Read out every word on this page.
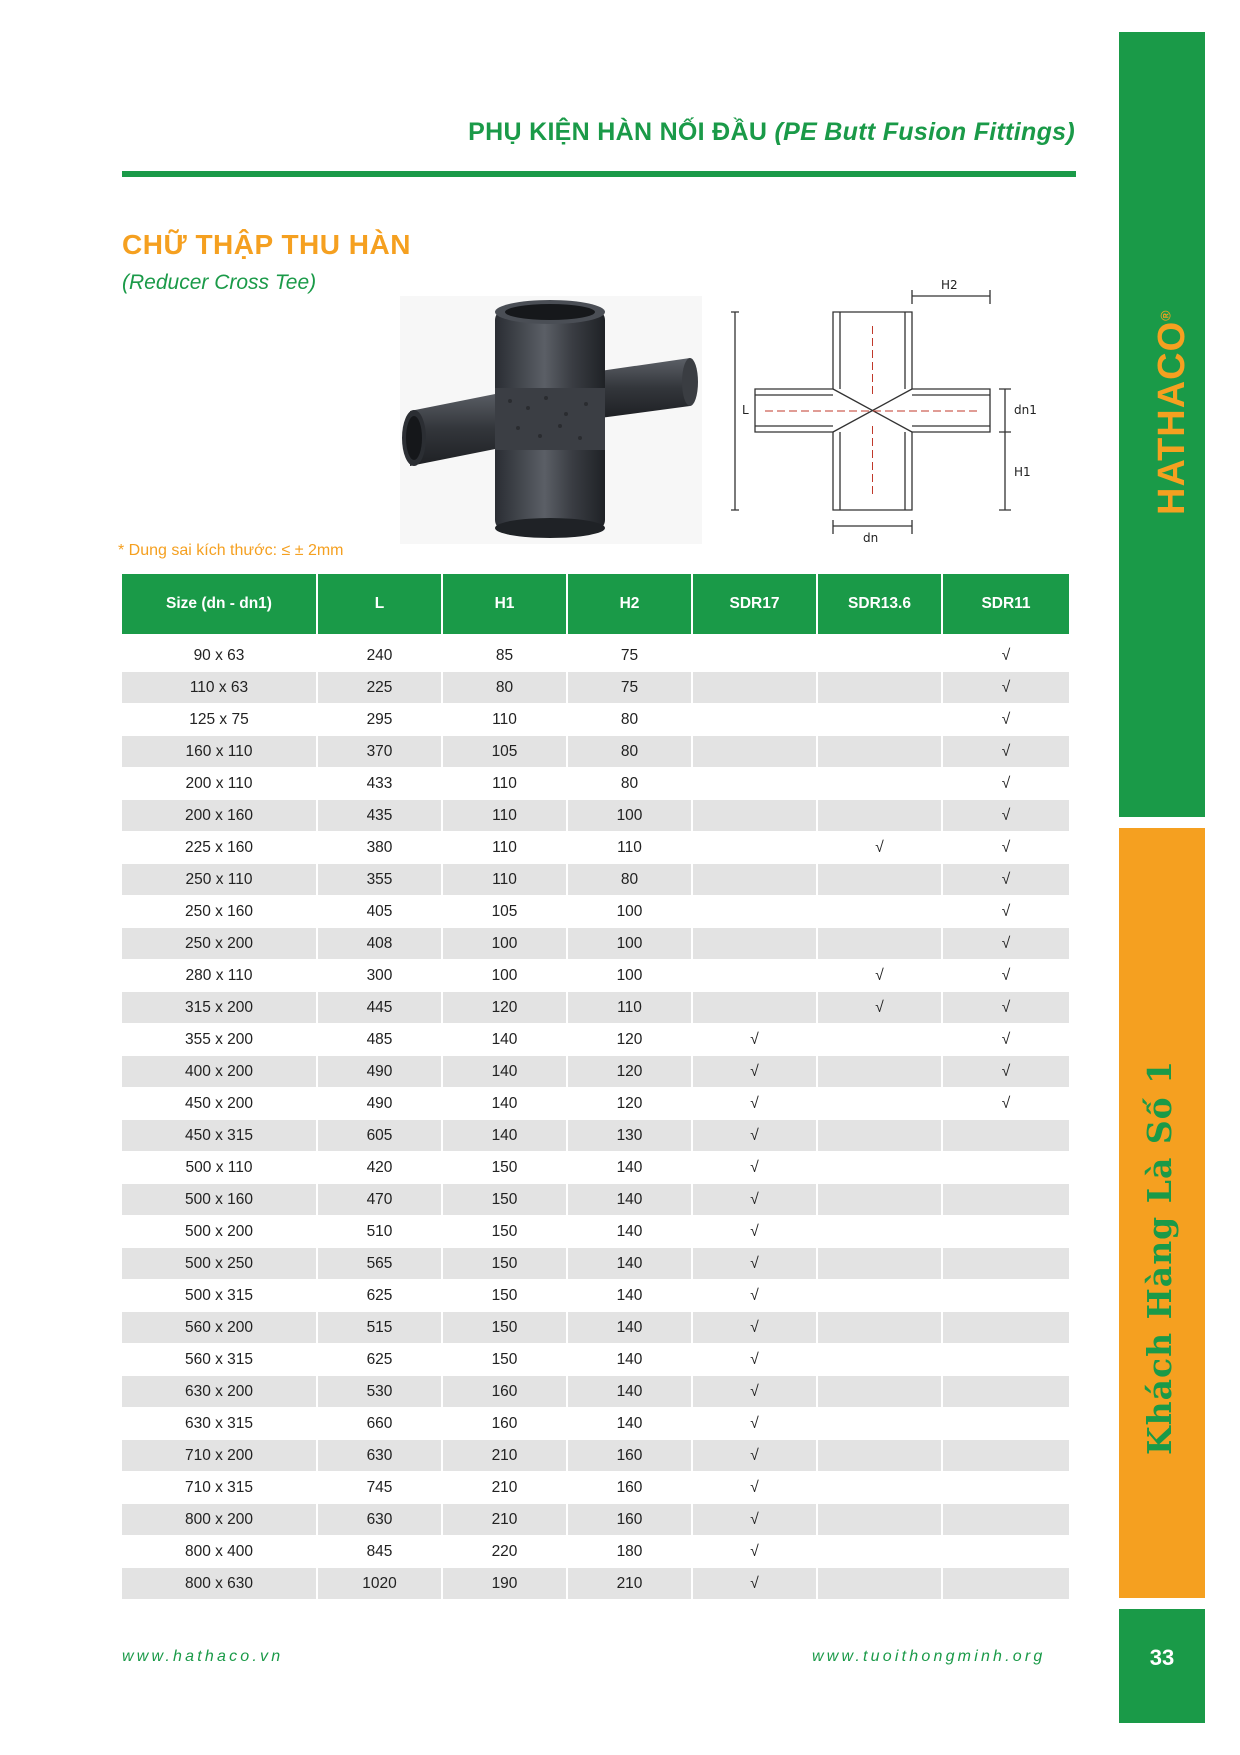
PHỤ KIỆN HÀN NỐI ĐẦU (PE Butt Fusion Fittings)
CHỮ THẬP THU HÀN
(Reducer Cross Tee)
L
H2
dn
dn1
H1
* Dung sai kích thước: ≤ ± 2mm
Size (dn - dn1)	L	H1	H2	SDR17	SDR13.6	SDR11
90 x 63	240	85	75			√
110 x 63	225	80	75			√
125 x 75	295	110	80			√
160 x 110	370	105	80			√
200 x 110	433	110	80			√
200 x 160	435	110	100			√
225 x 160	380	110	110		√	√
250 x 110	355	110	80			√
250 x 160	405	105	100			√
250 x 200	408	100	100			√
280 x 110	300	100	100		√	√
315 x 200	445	120	110		√	√
355 x 200	485	140	120	√		√
400 x 200	490	140	120	√		√
450 x 200	490	140	120	√		√
450 x 315	605	140	130	√		
500 x 110	420	150	140	√		
500 x 160	470	150	140	√		
500 x 200	510	150	140	√		
500 x 250	565	150	140	√		
500 x 315	625	150	140	√		
560 x 200	515	150	140	√		
560 x 315	625	150	140	√		
630 x 200	530	160	140	√		
630 x 315	660	160	140	√		
710 x 200	630	210	160	√		
710 x 315	745	210	160	√		
800 x 200	630	210	160	√		
800 x 400	845	220	180	√		
800 x 630	1020	190	210	√		
www.hathaco.vn	www.tuoithongminh.org
HATHACO®
Khách Hàng Là Số 1
33
